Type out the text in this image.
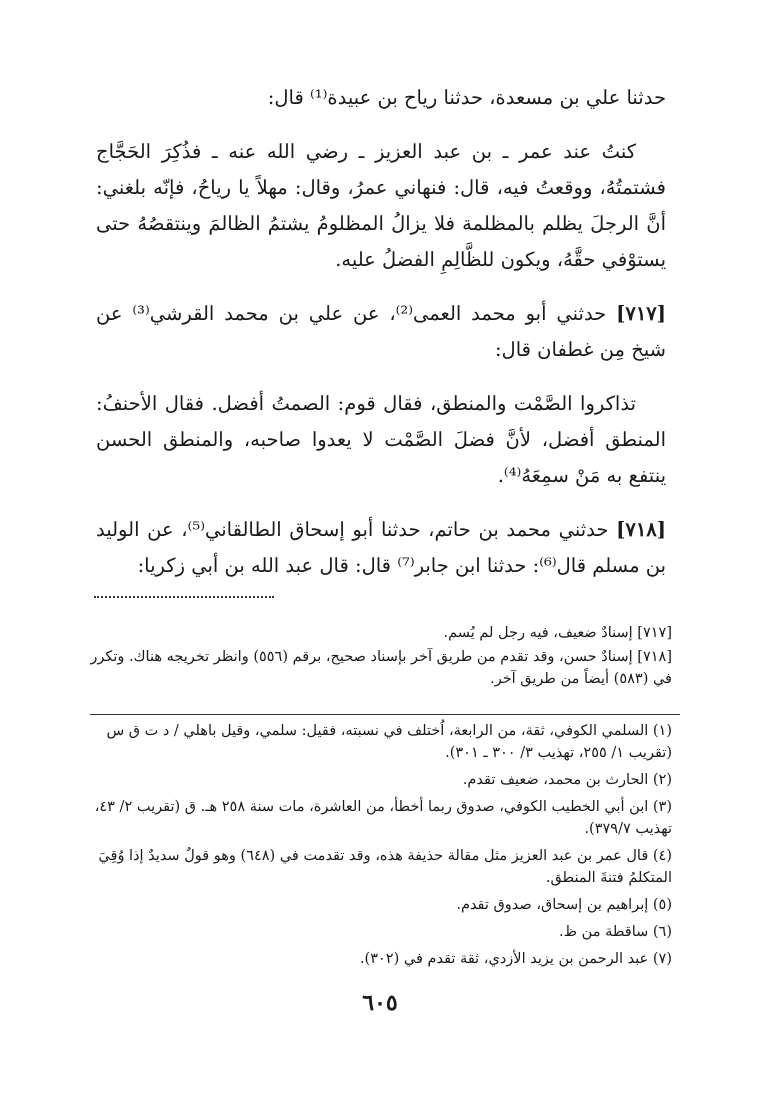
حدثنا علي بن مسعدة، حدثنا رياح بن عبيدة⁽¹⁾ قال:

كنتُ عند عمر ـ بن عبد العزيز ـ رضي الله عنه ـ فذُكِرَ الحَجَّاج فشتمتُهُ، ووقعتُ فيه، قال: فنهاني عمرُ، وقال: مهلاً يا رياحُ، فإنّه بلغني: أنَّ الرجلَ يظلم بالمظلمة فلا يزالُ المظلومُ يشتمُ الظالمَ وينتقصُهُ حتى يستوْفي حقَّهُ، ويكون للظَّالِمِ الفضلُ عليه.

[٧١٧] حدثني أبو محمد العمى⁽²⁾، عن علي بن محمد القرشي⁽³⁾ عن شيخ مِن غطفان قال:

تذاكروا الصَّمْت والمنطق، فقال قوم: الصمتُ أفضل. فقال الأحنفُ: المنطق أفضل، لأنَّ فضلَ الصَّمْت لا يعدوا صاحبه، والمنطق الحسن ينتفع به مَنْ سمِعَهُ⁽⁴⁾.

[٧١٨] حدثني محمد بن حاتم، حدثنا أبو إسحاق الطالقاني⁽⁵⁾، عن الوليد بن مسلم قال⁽⁶⁾: حدثنا ابن جابر⁽⁷⁾ قال: قال عبد الله بن أبي زكريا:

[٧١٧] إسنادٌ ضعيف، فيه رجل لم يُسم.
[٧١٨] إسنادٌ حسن، وقد تقدم من طريق آخر بإسناد صحيح، برقم (٥٥٦) وانظر تخريجه هناك. وتكرر في (٥٨٣) أيضاً من طريق آخر.
(١) السلمي الكوفي، ثقة، من الرابعة، اُختلف في نسبته، فقيل: سلمي، وقيل باهلي / د ت ق س (تقريب ١/ ٢٥٥، تهذيب ٣/ ٣٠٠ ـ ٣٠١).
(٢) الحارث بن محمد، ضعيف تقدم.
(٣) ابن أبي الخطيب الكوفي، صدوق ربما أخطأ، من العاشرة، مات سنة ٢٥٨ هـ. ق (تقريب ٢/ ٤٣، تهذيب ٣٧٩/٧).
(٤) قال عمر بن عبد العزيز مثل مقالة حذيفة هذه، وقد تقدمت في (٦٤٨) وهو قولٌ سديدٌ إذا وُقِيَ المتكلمُ فتنةَ المنطق.
(٥) إبراهيم بن إسحاق، صدوق تقدم.
(٦) ساقطة من ظ.
(٧) عبد الرحمن بن يزيد الأزدي، ثقة تقدم في (٣٠٢).
٦٠٥
